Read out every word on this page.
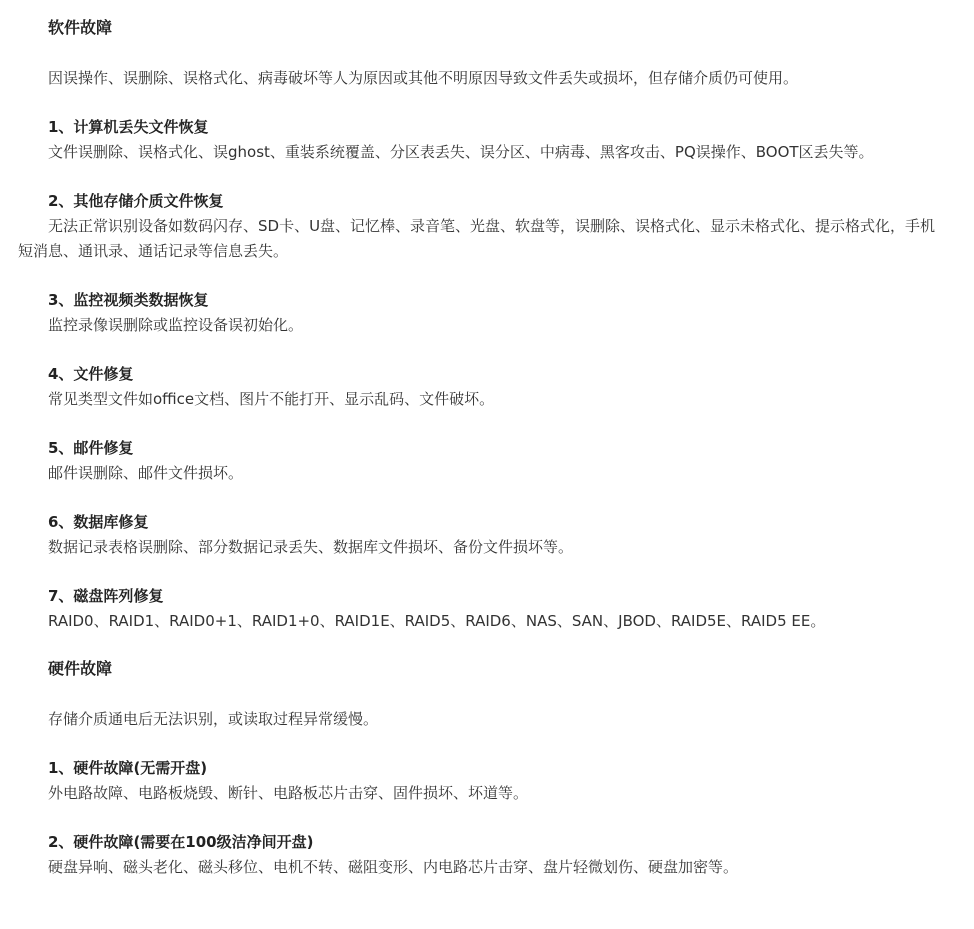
软件故障
因误操作、误删除、误格式化、病毒破坏等人为原因或其他不明原因导致文件丢失或损坏，但存储介质仍可使用。
1、计算机丢失文件恢复
文件误删除、误格式化、误ghost、重装系统覆盖、分区表丢失、误分区、中病毒、黑客攻击、PQ误操作、BOOT区丢失等。
2、其他存储介质文件恢复
无法正常识别设备如数码闪存、SD卡、U盘、记忆棒、录音笔、光盘、软盘等，误删除、误格式化、显示未格式化、提示格式化，手机短消息、通讯录、通话记录等信息丢失。
3、监控视频类数据恢复
监控录像误删除或监控设备误初始化。
4、文件修复
常见类型文件如office文档、图片不能打开、显示乱码、文件破坏。
5、邮件修复
邮件误删除、邮件文件损坏。
6、数据库修复
数据记录表格误删除、部分数据记录丢失、数据库文件损坏、备份文件损坏等。
7、磁盘阵列修复
RAID0、RAID1、RAID0+1、RAID1+0、RAID1E、RAID5、RAID6、NAS、SAN、JBOD、RAID5E、RAID5 EE。
硬件故障
存储介质通电后无法识别，或读取过程异常缓慢。
1、硬件故障(无需开盘)
外电路故障、电路板烧毁、断针、电路板芯片击穿、固件损坏、坏道等。
2、硬件故障(需要在100级洁净间开盘)
硬盘异响、磁头老化、磁头移位、电机不转、磁阻变形、内电路芯片击穿、盘片轻微划伤、硬盘加密等。
